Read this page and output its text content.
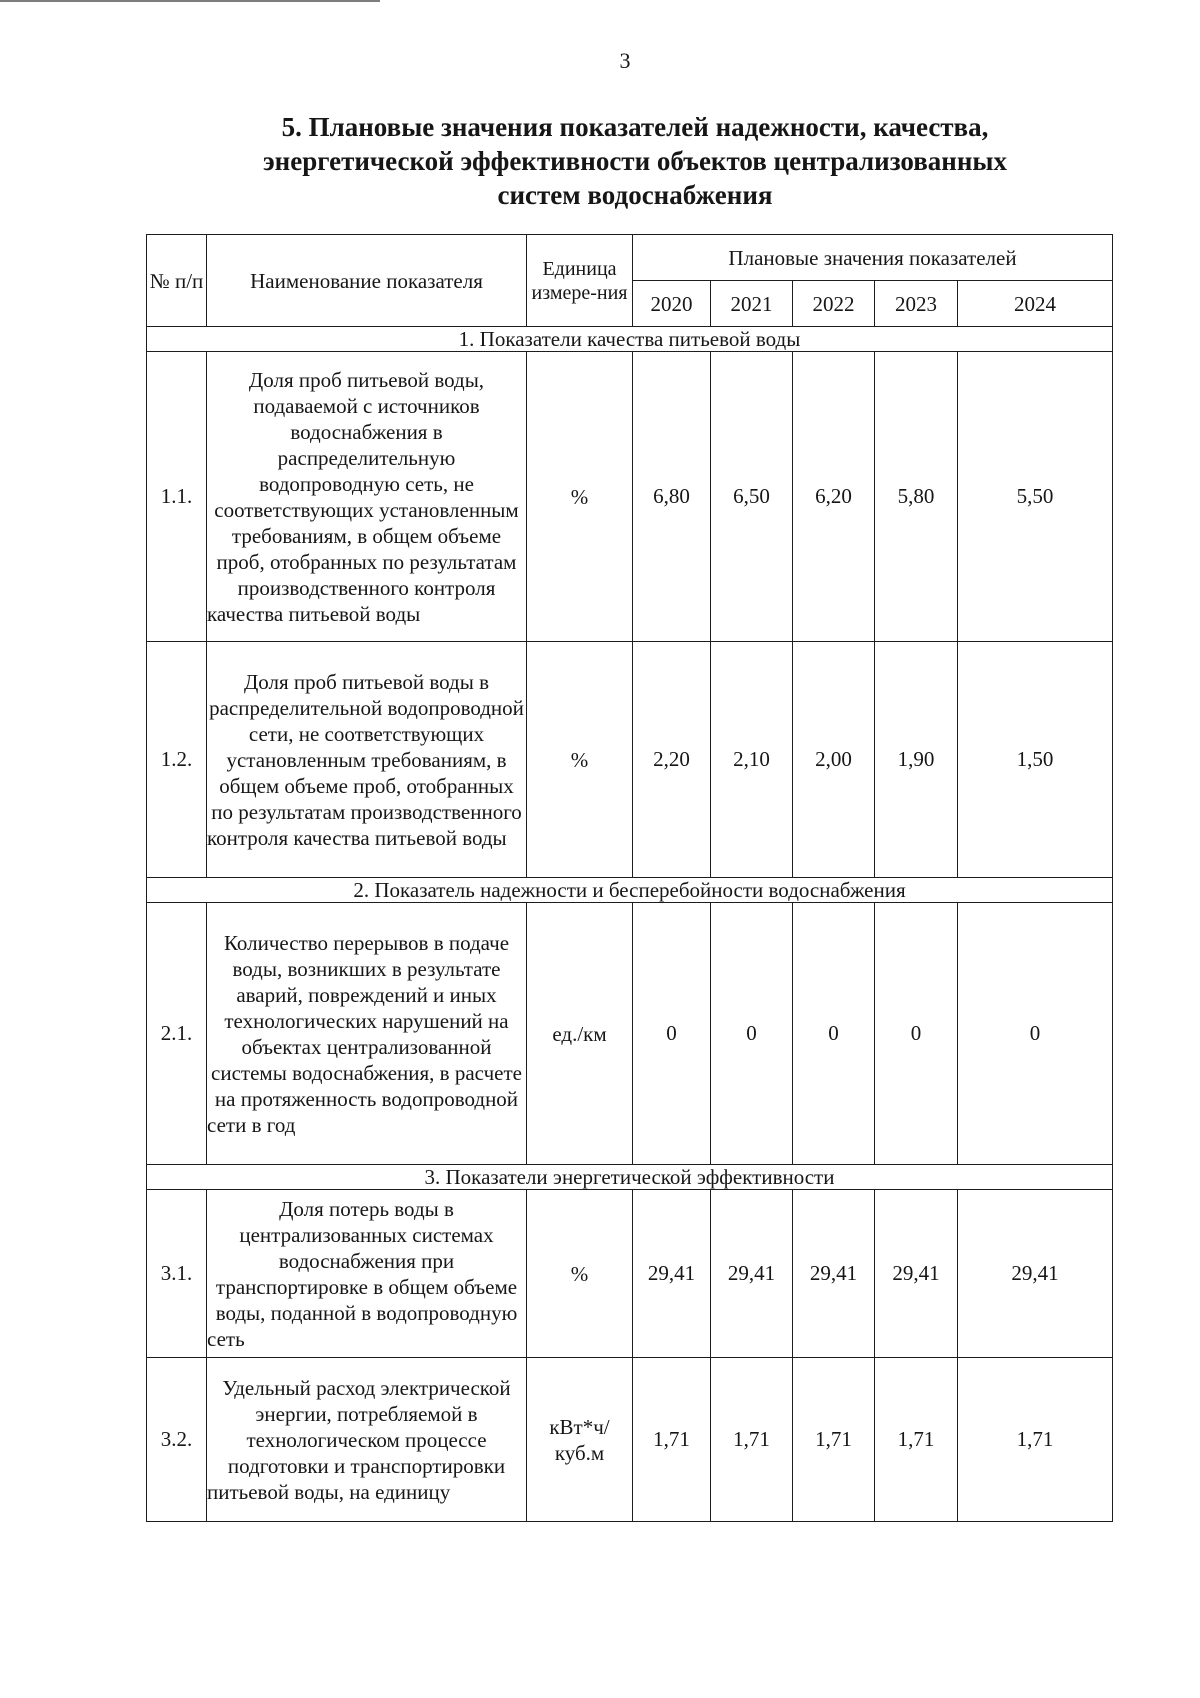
3
5. Плановые значения показателей надежности, качества,
энергетической эффективности объектов централизованных
систем водоснабжения
№ п/п	Наименование показателя	Единица измере-ния	Плановые значения показателей				
			2020	2021	2022	2023	2024
1. Показатели качества питьевой воды							
1.1.	Доля проб питьевой воды, подаваемой с источников водоснабжения в распределительную водопроводную сеть, не соответствующих установленным требованиям, в общем объеме проб, отобранных по результатам производственного контроля качества питьевой воды	%	6,80	6,50	6,20	5,80	5,50
1.2.	Доля проб питьевой воды в распределительной водопроводной сети, не соответствующих установленным требованиям, в общем объеме проб, отобранных по результатам производственного контроля качества питьевой воды	%	2,20	2,10	2,00	1,90	1,50
2. Показатель надежности и бесперебойности водоснабжения							
2.1.	Количество перерывов в подаче воды, возникших в результате аварий, повреждений и иных технологических нарушений на объектах централизованной системы водоснабжения, в расчете на протяженность водопроводной сети в год	ед./км	0	0	0	0	0
3. Показатели энергетической эффективности							
3.1.	Доля потерь воды в централизованных системах водоснабжения при транспортировке в общем объеме воды, поданной в водопроводную сеть	%	29,41	29,41	29,41	29,41	29,41
3.2.	Удельный расход электрической энергии, потребляемой в технологическом процессе подготовки и транспортировки питьевой воды, на единицу	кВт*ч/ куб.м	1,71	1,71	1,71	1,71	1,71
